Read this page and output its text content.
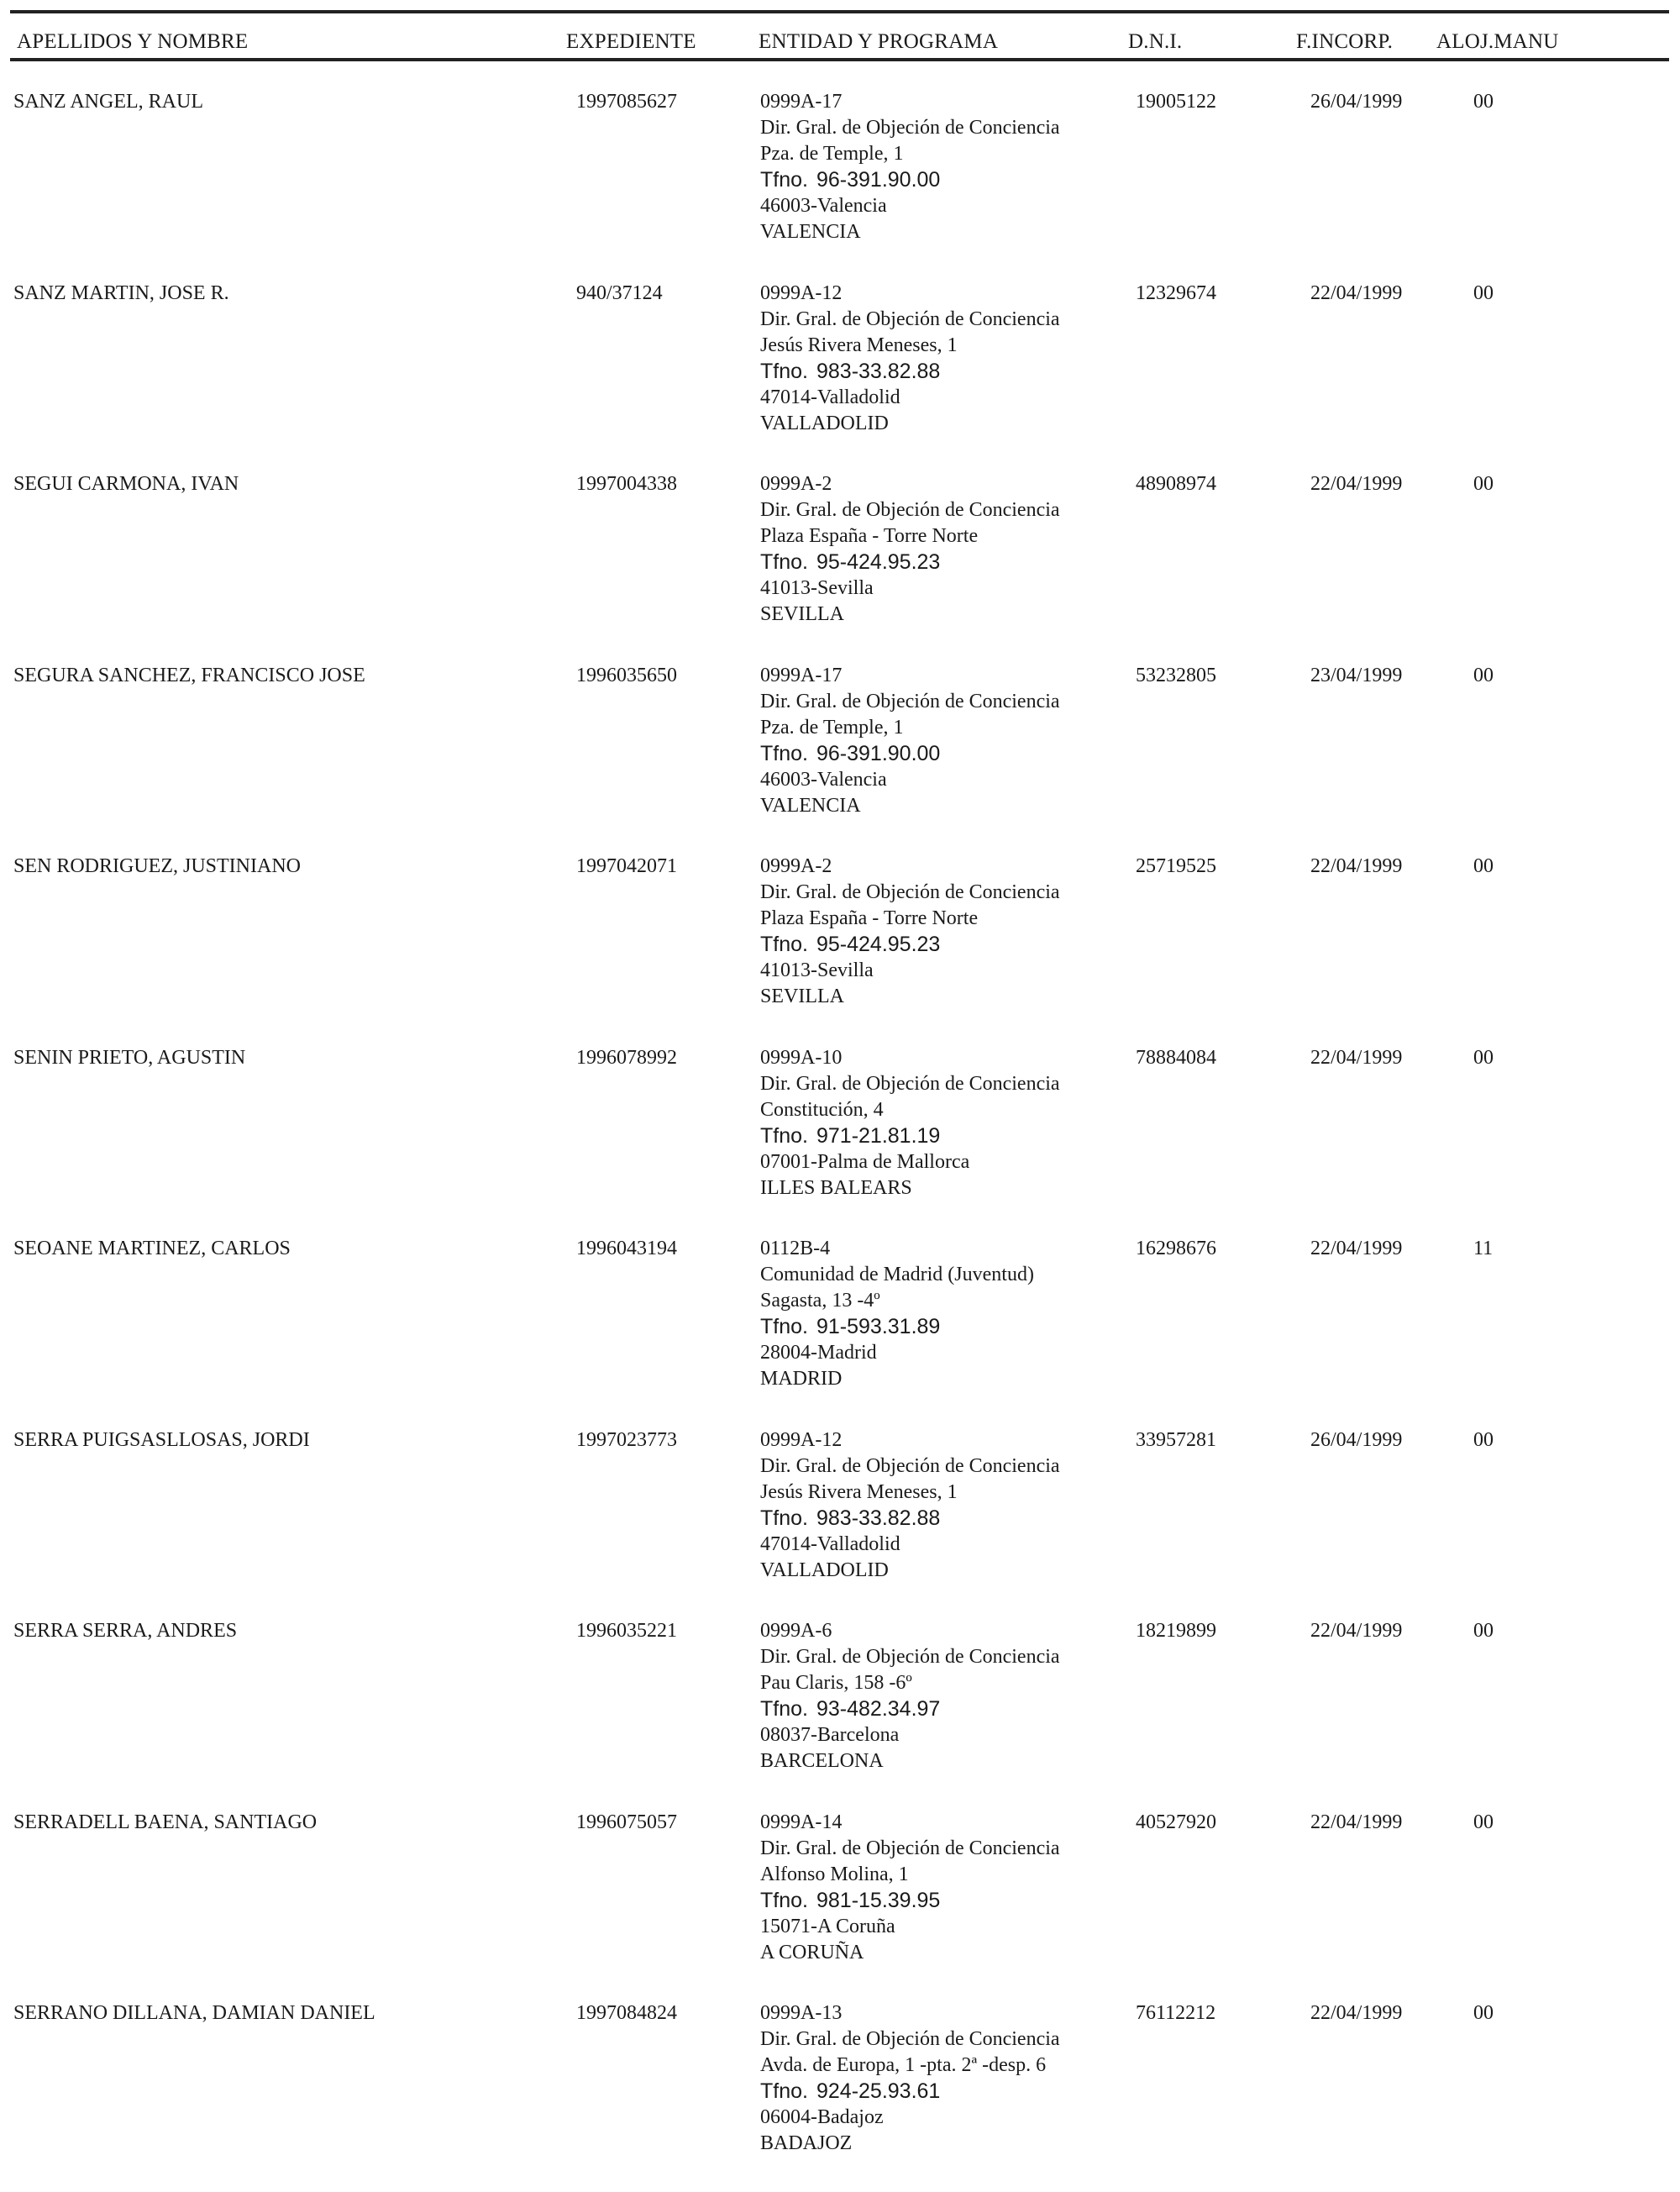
APELLIDOS Y NOMBRE	EXPEDIENTE	ENTIDAD Y PROGRAMA	D.N.I.	F.INCORP. ALOJ.MANU
SANZ ANGEL, RAUL	1997085627	0999A-17
Dir. Gral. de Objeción de Conciencia
Pza. de Temple, 1
Tfno. 96-391.90.00
46003-Valencia
VALENCIA
19005122	26/04/1999	00
SANZ MARTIN, JOSE R.	940/37124	0999A-12
Dir. Gral. de Objeción de Conciencia
Jesús Rivera Meneses, 1
Tfno. 983-33.82.88
47014-Valladolid
VALLADOLID
12329674	22/04/1999	00
SEGUI CARMONA, IVAN	1997004338	0999A-2
Dir. Gral. de Objeción de Conciencia
Plaza España - Torre Norte
Tfno. 95-424.95.23
41013-Sevilla
SEVILLA
48908974	22/04/1999	00
SEGURA SANCHEZ, FRANCISCO JOSE	1996035650	0999A-17
Dir. Gral. de Objeción de Conciencia
Pza. de Temple, 1
Tfno. 96-391.90.00
46003-Valencia
VALENCIA
53232805	23/04/1999	00
SEN RODRIGUEZ, JUSTINIANO	1997042071	0999A-2
Dir. Gral. de Objeción de Conciencia
Plaza España - Torre Norte
Tfno. 95-424.95.23
41013-Sevilla
SEVILLA
25719525	22/04/1999	00
SENIN PRIETO, AGUSTIN	1996078992	0999A-10
Dir. Gral. de Objeción de Conciencia
Constitución, 4
Tfno. 971-21.81.19
07001-Palma de Mallorca
ILLES BALEARS
78884084	22/04/1999	00
SEOANE MARTINEZ, CARLOS	1996043194	0112B-4
Comunidad de Madrid (Juventud)
Sagasta, 13 -4º
Tfno. 91-593.31.89
28004-Madrid
MADRID
16298676	22/04/1999	11
SERRA PUIGSASLLOSAS, JORDI	1997023773	0999A-12
Dir. Gral. de Objeción de Conciencia
Jesús Rivera Meneses, 1
Tfno. 983-33.82.88
47014-Valladolid
VALLADOLID
33957281	26/04/1999	00
SERRA SERRA, ANDRES	1996035221	0999A-6
Dir. Gral. de Objeción de Conciencia
Pau Claris, 158 -6º
Tfno. 93-482.34.97
08037-Barcelona
BARCELONA
18219899	22/04/1999	00
SERRADELL BAENA, SANTIAGO	1996075057	0999A-14
Dir. Gral. de Objeción de Conciencia
Alfonso Molina, 1
Tfno. 981-15.39.95
15071-A Coruña
A CORUÑA
40527920	22/04/1999	00
SERRANO DILLANA, DAMIAN DANIEL	1997084824	0999A-13
Dir. Gral. de Objeción de Conciencia
Avda. de Europa, 1 -pta. 2ª -desp. 6
Tfno. 924-25.93.61
06004-Badajoz
BADAJOZ
76112212	22/04/1999	00
